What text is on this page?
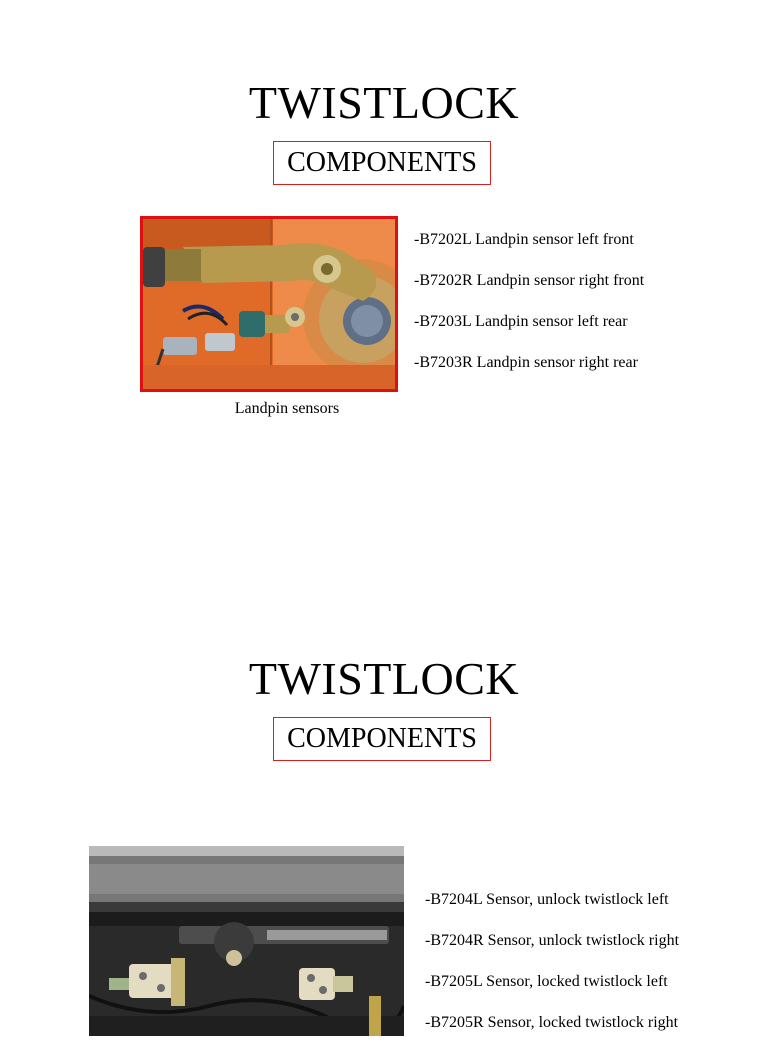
TWISTLOCK
COMPONENTS
Landpin sensors
-B7202L Landpin sensor left front
-B7202R Landpin sensor right front
-B7203L Landpin sensor left rear
-B7203R Landpin sensor right rear
TWISTLOCK
COMPONENTS
-B7204L Sensor, unlock twistlock left
-B7204R Sensor, unlock twistlock right
-B7205L Sensor, locked twistlock left
-B7205R Sensor, locked twistlock right
